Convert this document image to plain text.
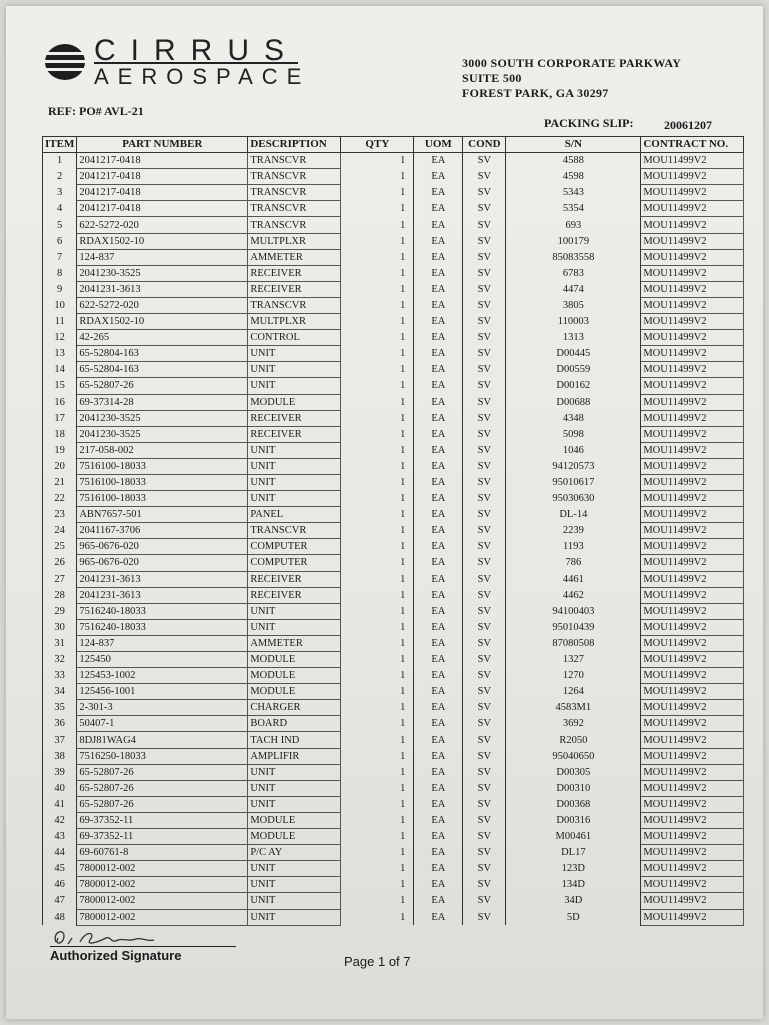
CIRRUS
AEROSPACE
3000 SOUTH CORPORATE PARKWAY
SUITE 500
FOREST PARK, GA 30297
REF: PO# AVL-21
PACKING SLIP:	20061207
ITEM	PART NUMBER	DESCRIPTION	QTY	UOM	COND	S/N	CONTRACT NO.
1	2041217-0418	TRANSCVR	1	EA	SV	4588	MOU11499V2
2	2041217-0418	TRANSCVR	1	EA	SV	4598	MOU11499V2
3	2041217-0418	TRANSCVR	1	EA	SV	5343	MOU11499V2
4	2041217-0418	TRANSCVR	1	EA	SV	5354	MOU11499V2
5	622-5272-020	TRANSCVR	1	EA	SV	693	MOU11499V2
6	RDAX1502-10	MULTPLXR	1	EA	SV	100179	MOU11499V2
7	124-837	AMMETER	1	EA	SV	85083558	MOU11499V2
8	2041230-3525	RECEIVER	1	EA	SV	6783	MOU11499V2
9	2041231-3613	RECEIVER	1	EA	SV	4474	MOU11499V2
10	622-5272-020	TRANSCVR	1	EA	SV	3805	MOU11499V2
11	RDAX1502-10	MULTPLXR	1	EA	SV	110003	MOU11499V2
12	42-265	CONTROL	1	EA	SV	1313	MOU11499V2
13	65-52804-163	UNIT	1	EA	SV	D00445	MOU11499V2
14	65-52804-163	UNIT	1	EA	SV	D00559	MOU11499V2
15	65-52807-26	UNIT	1	EA	SV	D00162	MOU11499V2
16	69-37314-28	MODULE	1	EA	SV	D00688	MOU11499V2
17	2041230-3525	RECEIVER	1	EA	SV	4348	MOU11499V2
18	2041230-3525	RECEIVER	1	EA	SV	5098	MOU11499V2
19	217-058-002	UNIT	1	EA	SV	1046	MOU11499V2
20	7516100-18033	UNIT	1	EA	SV	94120573	MOU11499V2
21	7516100-18033	UNIT	1	EA	SV	95010617	MOU11499V2
22	7516100-18033	UNIT	1	EA	SV	95030630	MOU11499V2
23	ABN7657-501	PANEL	1	EA	SV	DL-14	MOU11499V2
24	2041167-3706	TRANSCVR	1	EA	SV	2239	MOU11499V2
25	965-0676-020	COMPUTER	1	EA	SV	1193	MOU11499V2
26	965-0676-020	COMPUTER	1	EA	SV	786	MOU11499V2
27	2041231-3613	RECEIVER	1	EA	SV	4461	MOU11499V2
28	2041231-3613	RECEIVER	1	EA	SV	4462	MOU11499V2
29	7516240-18033	UNIT	1	EA	SV	94100403	MOU11499V2
30	7516240-18033	UNIT	1	EA	SV	95010439	MOU11499V2
31	124-837	AMMETER	1	EA	SV	87080508	MOU11499V2
32	125450	MODULE	1	EA	SV	1327	MOU11499V2
33	125453-1002	MODULE	1	EA	SV	1270	MOU11499V2
34	125456-1001	MODULE	1	EA	SV	1264	MOU11499V2
35	2-301-3	CHARGER	1	EA	SV	4583M1	MOU11499V2
36	50407-1	BOARD	1	EA	SV	3692	MOU11499V2
37	8DJ81WAG4	TACH IND	1	EA	SV	R2050	MOU11499V2
38	7516250-18033	AMPLIFIR	1	EA	SV	95040650	MOU11499V2
39	65-52807-26	UNIT	1	EA	SV	D00305	MOU11499V2
40	65-52807-26	UNIT	1	EA	SV	D00310	MOU11499V2
41	65-52807-26	UNIT	1	EA	SV	D00368	MOU11499V2
42	69-37352-11	MODULE	1	EA	SV	D00316	MOU11499V2
43	69-37352-11	MODULE	1	EA	SV	M00461	MOU11499V2
44	69-60761-8	P/C AY	1	EA	SV	DL17	MOU11499V2
45	7800012-002	UNIT	1	EA	SV	123D	MOU11499V2
46	7800012-002	UNIT	1	EA	SV	134D	MOU11499V2
47	7800012-002	UNIT	1	EA	SV	34D	MOU11499V2
48	7800012-002	UNIT	1	EA	SV	5D	MOU11499V2
Authorized Signature	Page 1 of 7
